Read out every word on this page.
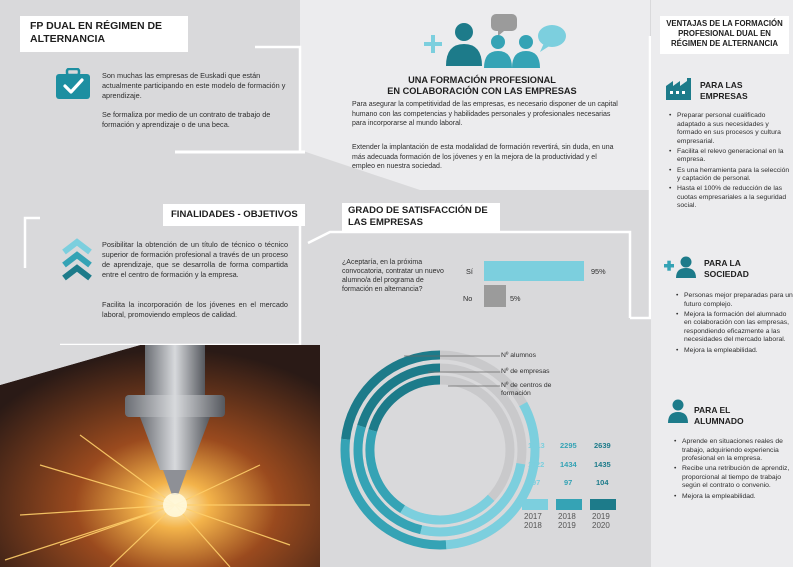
FP DUAL EN RÉGIMEN DE ALTERNANCIA
Son muchas las empresas de Euskadi que están actualmente participando en este modelo de formación y aprendizaje.
Se formaliza por medio de un contrato de trabajo de formación y aprendizaje o de una beca.
UNA FORMACIÓN PROFESIONAL
EN COLABORACIÓN CON LAS EMPRESAS
Para asegurar la competitividad de las empresas, es necesario disponer de un capital humano con las competencias y habilidades personales y profesionales necesarias para incorporarse al mundo laboral.
Extender la implantación de esta modalidad de formación revertirá, sin duda, en una más adecuada formación de los jóvenes y en la mejora de la productividad y el empleo en nuestra sociedad.
FINALIDADES - OBJETIVOS
Posibilitar la obtención de un título de técnico o técnico superior de formación profesional a través de un proceso de aprendizaje, que se desarrolla de forma compartida entre el centro de formación y la empresa.
Facilita la incorporación de los jóvenes en el mercado laboral, promoviendo empleos de calidad.
GRADO DE SATISFACCIÓN DE
LAS EMPRESAS
¿Aceptaría, en la próxima convocatoria, contratar un nuevo alumno/a del programa de formación en alternancia?
Sí
No
95%
5%
Nº alumnos
Nº de empresas
Nº de centros de formación
1913 2295 2639
1122 1434 1435
97	97	104
2017
2018
2018
2019
2019
2020
VENTAJAS DE LA FORMACIÓN PROFESIONAL DUAL EN RÉGIMEN DE ALTERNANCIA
PARA LAS
EMPRESAS
• Preparar personal cualificado adaptado a sus necesidades y formado en sus procesos y cultura empresarial.
• Facilita el relevo generacional en la empresa.
• Es una herramienta para la selección y captación de personal.
• Hasta el 100% de reducción de las cuotas empresariales a la seguridad social.
PARA LA
SOCIEDAD
• Personas mejor preparadas para un futuro complejo.
• Mejora la formación del alumnado en colaboración con las empresas, respondiendo eficazmente a las necesidades del mercado laboral.
• Mejora la empleabilidad.
PARA EL
ALUMNADO
• Aprende en situaciones reales de trabajo, adquiriendo experiencia profesional en la empresa.
• Recibe una retribución de aprendiz, proporcional al tiempo de trabajo según el contrato o convenio.
• Mejora la empleabilidad.
